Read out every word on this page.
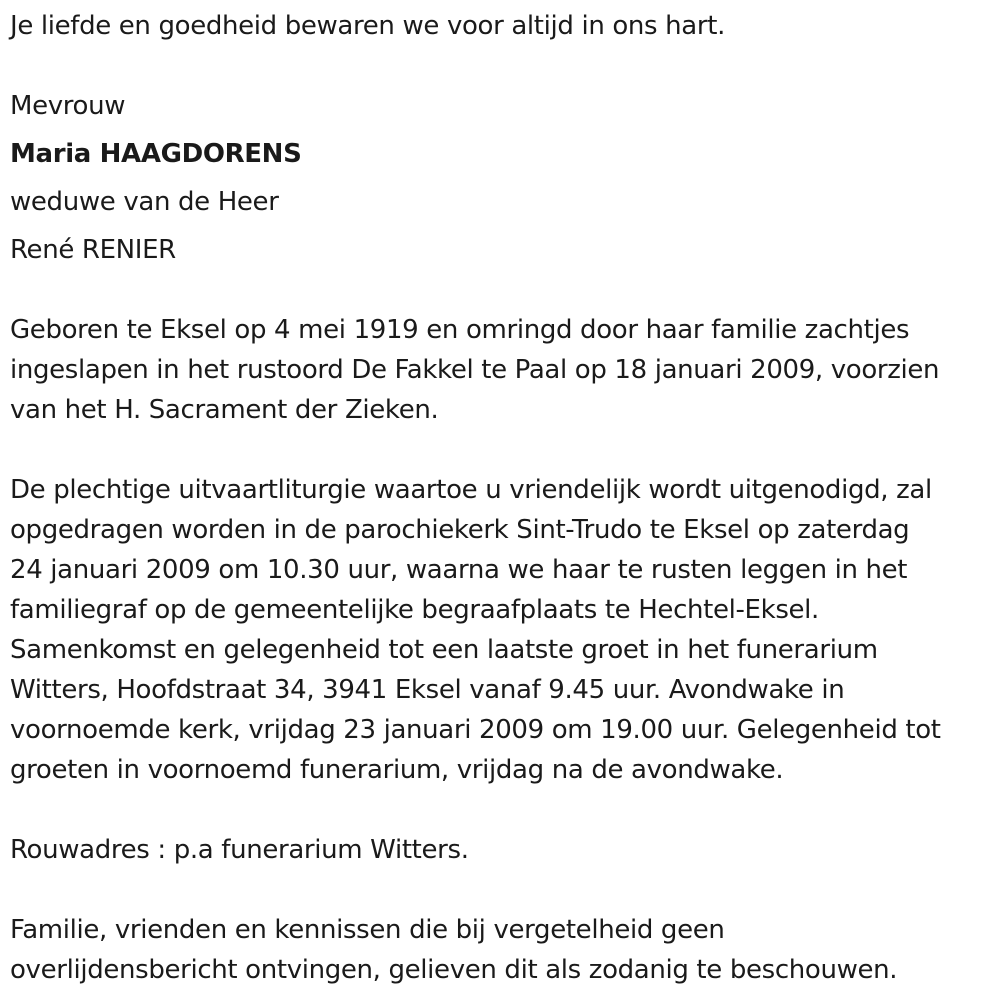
Je liefde en goedheid bewaren we voor altijd in ons hart.

Mevrouw

Maria HAAGDORENS

weduwe van de Heer

René RENIER

Geboren te Eksel op 4 mei 1919 en omringd door haar familie zachtjes
ingeslapen in het rustoord De Fakkel te Paal op 18 januari 2009, voorzien
van het H. Sacrament der Zieken.
De plechtige uitvaartliturgie waartoe u vriendelijk wordt uitgenodigd, zal
opgedragen worden in de parochiekerk Sint-Trudo te Eksel op zaterdag
24 januari 2009 om 10.30 uur, waarna we haar te rusten leggen in het
familiegraf op de gemeentelijke begraafplaats te Hechtel-Eksel.
Samenkomst en gelegenheid tot een laatste groet in het funerarium
Witters, Hoofdstraat 34, 3941 Eksel vanaf 9.45 uur. Avondwake in
voornoemde kerk, vrijdag 23 januari 2009 om 19.00 uur. Gelegenheid tot
groeten in voornoemd funerarium, vrijdag na de avondwake.
Rouwadres : p.a funerarium Witters.
Familie, vrienden en kennissen die bij vergetelheid geen
overlijdensbericht ontvingen, gelieven dit als zodanig te beschouwen.
